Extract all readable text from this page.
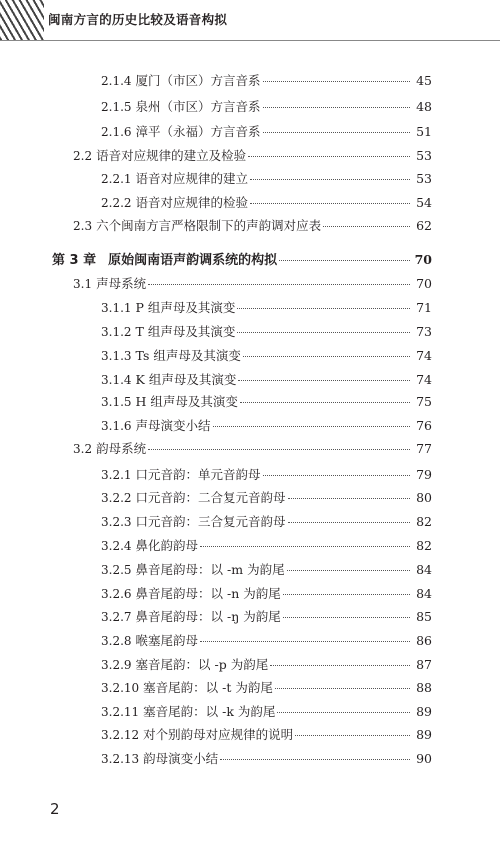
闽南方言的历史比较及语音构拟
2.1.4 厦门（市区）方言音系	45
2.1.5 泉州（市区）方言音系	48
2.1.6 漳平（永福）方言音系	51
2.2 语音对应规律的建立及检验	53
2.2.1 语音对应规律的建立	53
2.2.2 语音对应规律的检验	54
2.3 六个闽南方言严格限制下的声韵调对应表	62
第 3 章 原始闽南语声韵调系统的构拟	70
3.1 声母系统	70
3.1.1 P 组声母及其演变	71
3.1.2 T 组声母及其演变	73
3.1.3 Ts 组声母及其演变	74
3.1.4 K 组声母及其演变	74
3.1.5 H 组声母及其演变	75
3.1.6 声母演变小结	76
3.2 韵母系统	77
3.2.1 口元音韵：单元音韵母	79
3.2.2 口元音韵：二合复元音韵母	80
3.2.3 口元音韵：三合复元音韵母	82
3.2.4 鼻化韵韵母	82
3.2.5 鼻音尾韵母：以 -m 为韵尾	84
3.2.6 鼻音尾韵母：以 -n 为韵尾	84
3.2.7 鼻音尾韵母：以 -ŋ 为韵尾	85
3.2.8 喉塞尾韵母	86
3.2.9 塞音尾韵：以 -p 为韵尾	87
3.2.10 塞音尾韵：以 -t 为韵尾	88
3.2.11 塞音尾韵：以 -k 为韵尾	89
3.2.12 对个别韵母对应规律的说明	89
3.2.13 韵母演变小结	90
2
